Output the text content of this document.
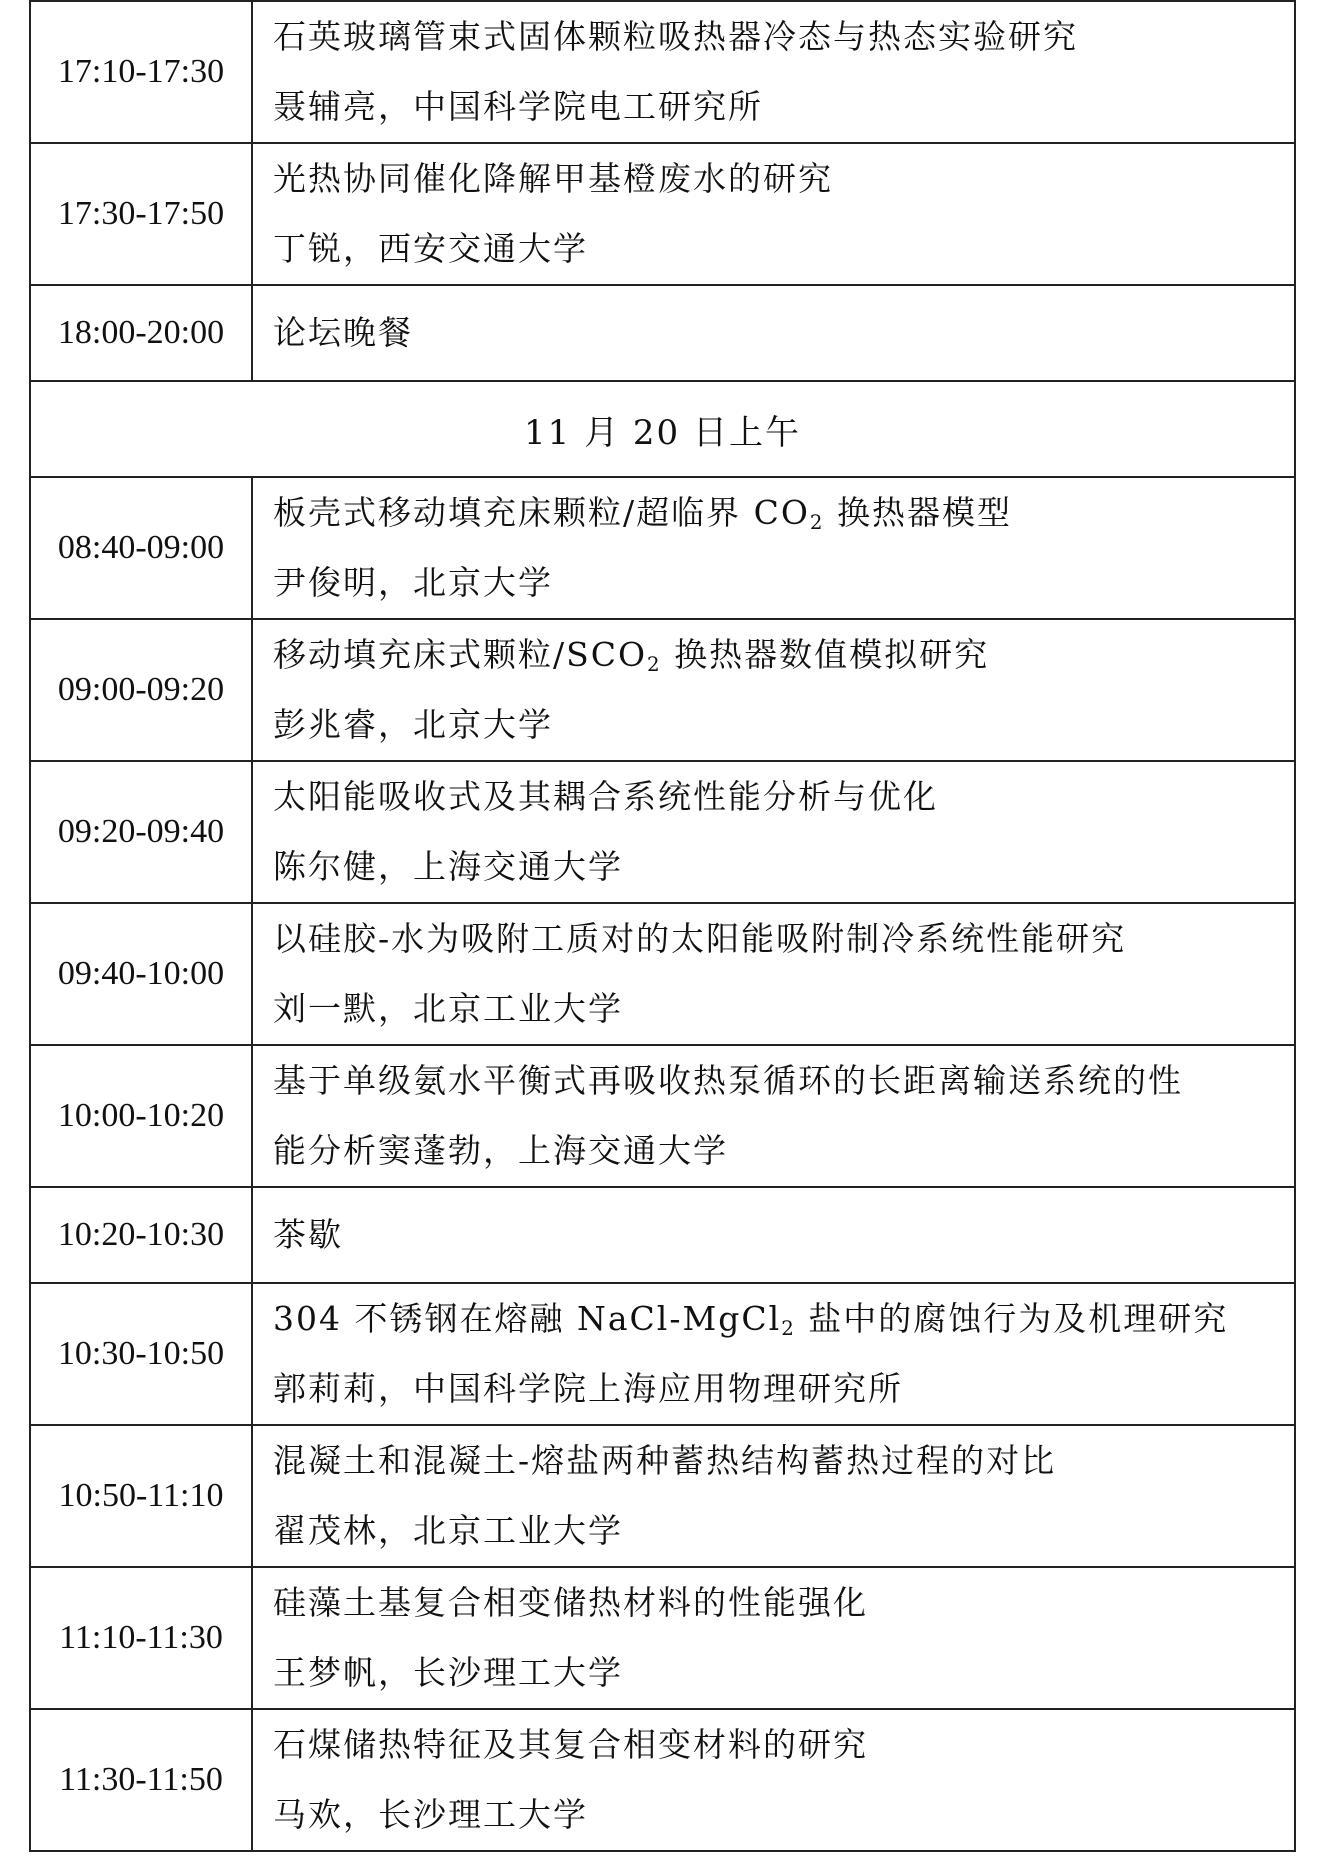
17:10-17:30	石英玻璃管束式固体颗粒吸热器冷态与热态实验研究
聂辅亮，中国科学院电工研究所

17:30-17:50	光热协同催化降解甲基橙废水的研究
丁锐，西安交通大学

18:00-20:00	论坛晚餐

11 月 20 日上午	
08:40-09:00	板壳式移动填充床颗粒/超临界 $CO_2$ 换热器模型
尹俊明，北京大学

09:00-09:20	移动填充床式颗粒$/SCO_2$ 换热器数值模拟研究
彭兆睿，北京大学

09:20-09:40	太阳能吸收式及其耦合系统性能分析与优化
陈尔健，上海交通大学

09:40-10:00	以硅胶-水为吸附工质对的太阳能吸附制冷系统性能研究
刘一默，北京工业大学

10:00-10:20	基于单级氨水平衡式再吸收热泵循环的长距离输送系统的性
能分析窦蓬勃，上海交通大学

10:20-10:30	茶歇

10:30-10:50	304 不锈钢在熔融 NaCl-MgCl$_2$ 盐中的腐蚀行为及机理研究
郭莉莉，中国科学院上海应用物理研究所

10:50-11:10	混凝土和混凝土-熔盐两种蓄热结构蓄热过程的对比
翟茂林，北京工业大学

11:10-11:30	硅藻土基复合相变储热材料的性能强化
王梦帆，长沙理工大学

11:30-11:50	石煤储热特征及其复合相变材料的研究
马欢，长沙理工大学
